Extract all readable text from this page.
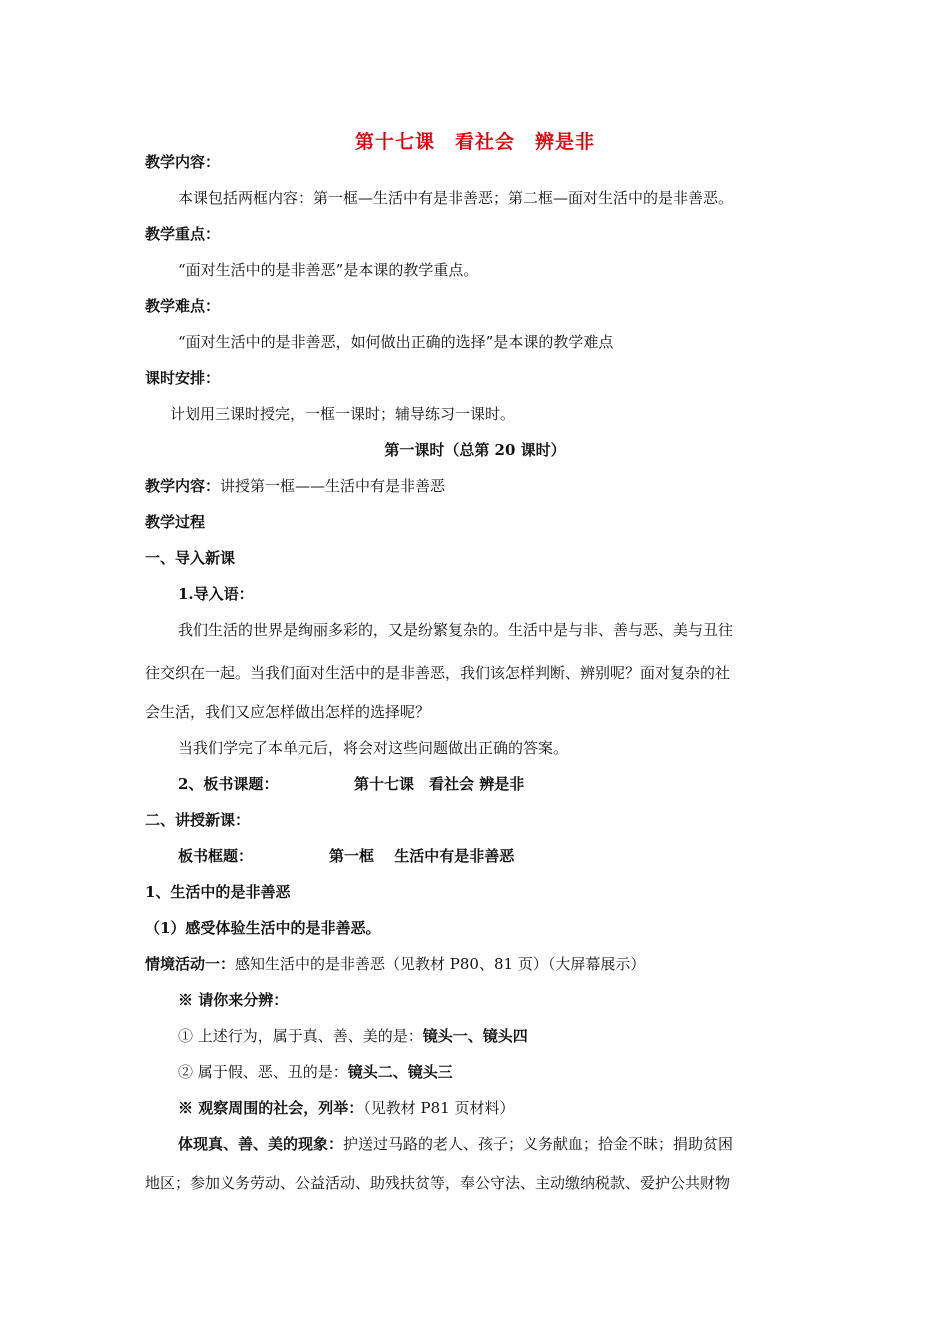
第十七课　看社会　辨是非
教学内容：
本课包括两框内容：第一框—生活中有是非善恶；第二框—面对生活中的是非善恶。
教学重点：
“面对生活中的是非善恶”是本课的教学重点。
教学难点：
“面对生活中的是非善恶，如何做出正确的选择”是本课的教学难点
课时安排：
计划用三课时授完，一框一课时；辅导练习一课时。
第一课时（总第 20 课时）
教学内容：讲授第一框——生活中有是非善恶
教学过程
一、导入新课
1.导入语：
我们生活的世界是绚丽多彩的，又是纷繁复杂的。生活中是与非、善与恶、美与丑往
往交织在一起。当我们面对生活中的是非善恶，我们该怎样判断、辨别呢？面对复杂的社
会生活，我们又应怎样做出怎样的选择呢？
当我们学完了本单元后，将会对这些问题做出正确的答案。
2、板书课题：	第十七课　看社会 辨是非
二、讲授新课：
板书框题：	第一框　 生活中有是非善恶
1、生活中的是非善恶
（1）感受体验生活中的是非善恶。
情境活动一：感知生活中的是非善恶（见教材 P80、81 页）（大屏幕展示）
※ 请你来分辨：
① 上述行为，属于真、善、美的是：镜头一、镜头四
② 属于假、恶、丑的是：镜头二、镜头三
※ 观察周围的社会，列举：（见教材 P81 页材料）
体现真、善、美的现象：护送过马路的老人、孩子；义务献血；拾金不昧；捐助贫困
地区；参加义务劳动、公益活动、助残扶贫等，奉公守法、主动缴纳税款、爱护公共财物
